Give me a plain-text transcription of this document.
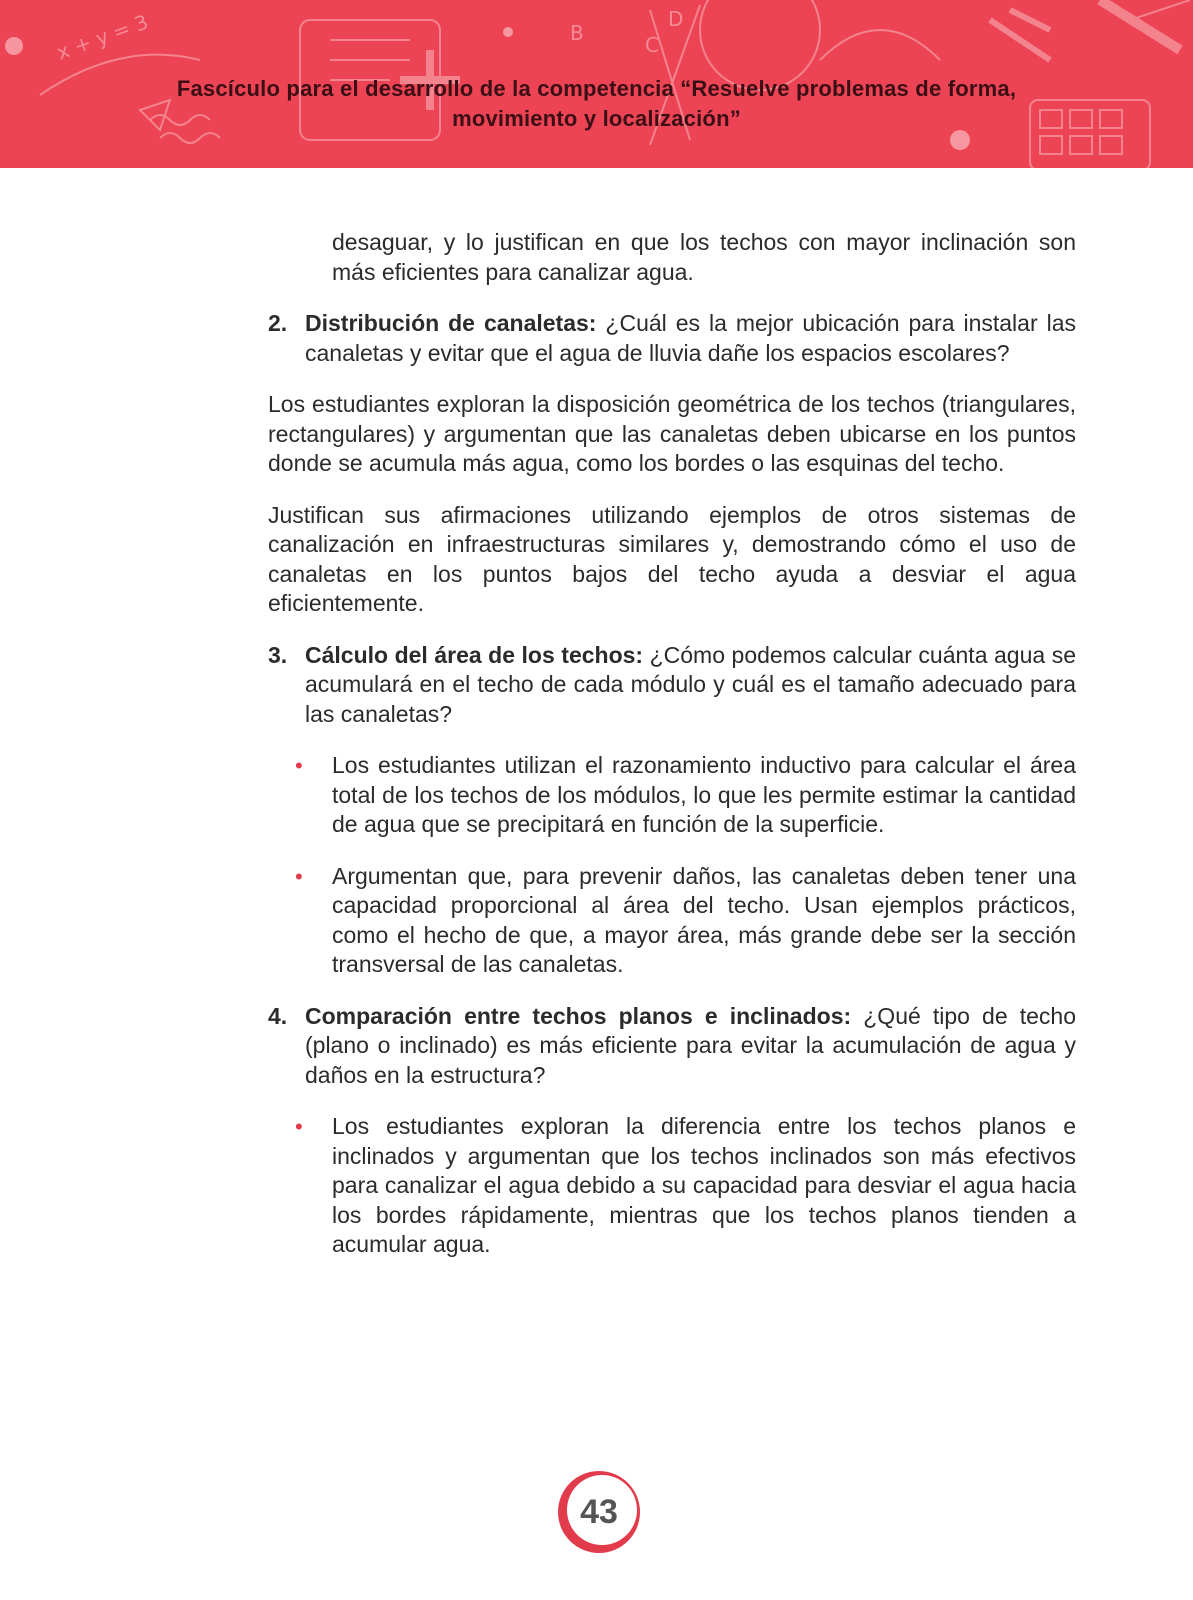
x + y = 3	B	C
D
Fascículo para el desarrollo de la competencia “Resuelve problemas de forma,
movimiento y localización”

desaguar, y lo justifican en que los techos con mayor inclinación son más eficientes para canalizar agua.

2. Distribución de canaletas: ¿Cuál es la mejor ubicación para instalar las canaletas y evitar que el agua de lluvia dañe los espacios escolares?

Los estudiantes exploran la disposición geométrica de los techos (triangulares, rectangulares) y argumentan que las canaletas deben ubicarse en los puntos donde se acumula más agua, como los bordes o las esquinas del techo.

Justifican sus afirmaciones utilizando ejemplos de otros sistemas de canalización en infraestructuras similares y, demostrando cómo el uso de canaletas en los puntos bajos del techo ayuda a desviar el agua eficientemente.

3. Cálculo del área de los techos: ¿Cómo podemos calcular cuánta agua se acumulará en el techo de cada módulo y cuál es el tamaño adecuado para las canaletas?

• Los estudiantes utilizan el razonamiento inductivo para calcular el área total de los techos de los módulos, lo que les permite estimar la cantidad de agua que se precipitará en función de la superficie.

• Argumentan que, para prevenir daños, las canaletas deben tener una capacidad proporcional al área del techo. Usan ejemplos prácticos, como el hecho de que, a mayor área, más grande debe ser la sección transversal de las canaletas.

4. Comparación entre techos planos e inclinados: ¿Qué tipo de techo (plano o inclinado) es más eficiente para evitar la acumulación de agua y daños en la estructura?

• Los estudiantes exploran la diferencia entre los techos planos e inclinados y argumentan que los techos inclinados son más efectivos para canalizar el agua debido a su capacidad para desviar el agua hacia los bordes rápidamente, mientras que los techos planos tienden a acumular agua.

43
